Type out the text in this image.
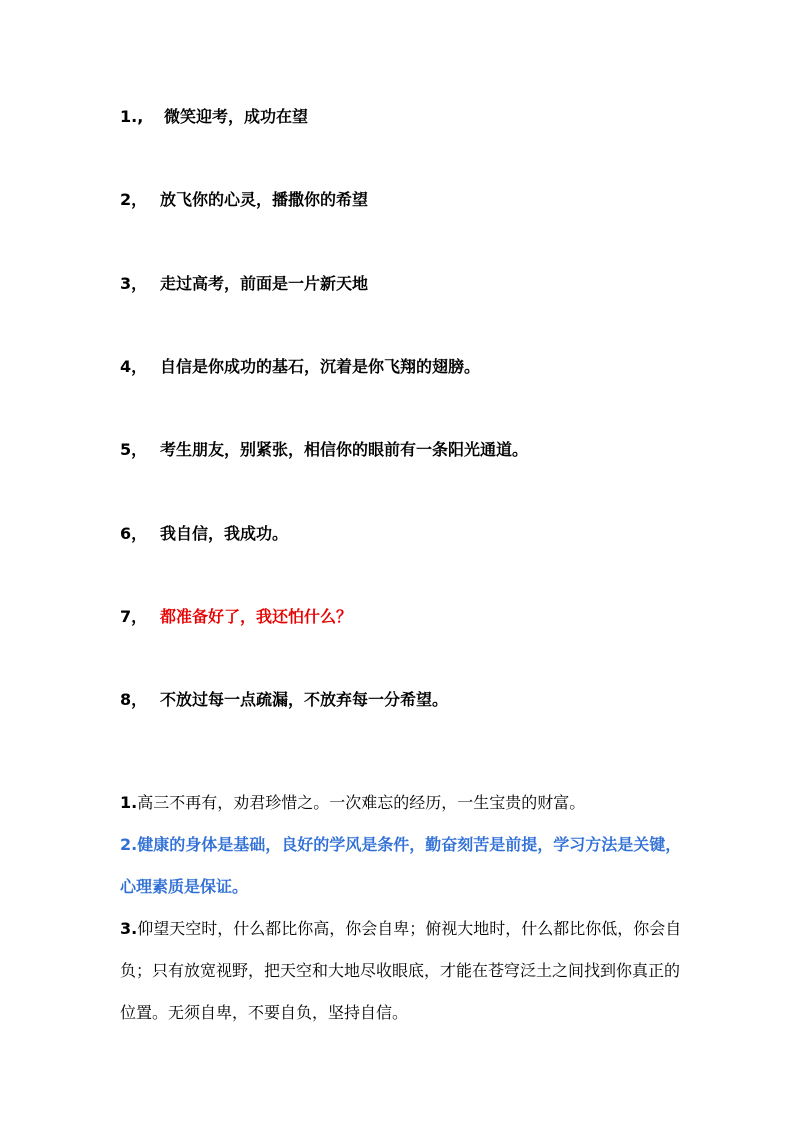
1., 微笑迎考，成功在望
2， 放飞你的心灵，播撒你的希望
3， 走过高考，前面是一片新天地
4， 自信是你成功的基石，沉着是你飞翔的翅膀。
5， 考生朋友，别紧张，相信你的眼前有一条阳光通道。
6， 我自信，我成功。
7， 都准备好了，我还怕什么？
8， 不放过每一点疏漏，不放弃每一分希望。

1.高三不再有，劝君珍惜之。一次难忘的经历，一生宝贵的财富。

2.健康的身体是基础，良好的学风是条件，勤奋刻苦是前提，学习方法是关键，心理素质是保证。

3.仰望天空时，什么都比你高，你会自卑；俯视大地时，什么都比你低，你会自负；只有放宽视野，把天空和大地尽收眼底，才能在苍穹泛土之间找到你真正的位置。无须自卑，不要自负，坚持自信。
